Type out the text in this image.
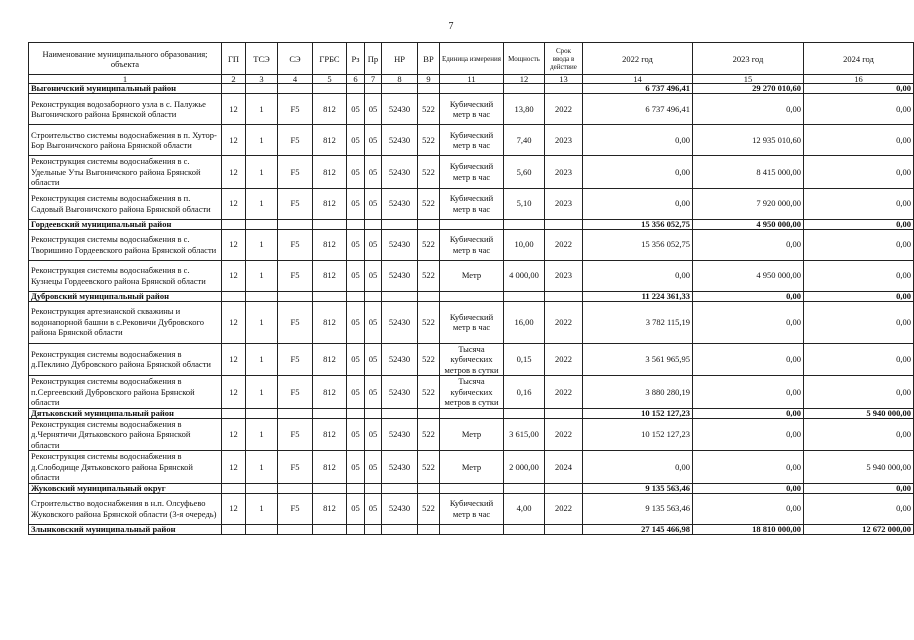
7
Наименование муниципального образования; объекта	ГП	ТСЭ	СЭ	ГРБС	Рз	Пр	НР	ВР	Единица измерения	Мощность	Срок ввода в действие	2022 год	2023 год	2024 год
1	2	3	4	5	6	7	8	9	11	12	13	14	15	16
Выгоничский муниципальный район												6 737 496,41	29 270 010,60	0,00
Реконструкция водозаборного узла в с. Палужье Выгоничского района Брянской области	12	1	F5	812	05	05	52430	522	Кубический метр в час	13,80	2022	6 737 496,41	0,00	0,00
Строительство системы водоснабжения в п. Хутор-Бор Выгоничского района Брянской области	12	1	F5	812	05	05	52430	522	Кубический метр в час	7,40	2023	0,00	12 935 010,60	0,00
Реконструкция системы водоснабжения в с. Удельные Уты Выгоничского района Брянской области	12	1	F5	812	05	05	52430	522	Кубический метр в час	5,60	2023	0,00	8 415 000,00	0,00
Реконструкция системы водоснабжения в п. Садовый Выгоничского района Брянской области	12	1	F5	812	05	05	52430	522	Кубический метр в час	5,10	2023	0,00	7 920 000,00	0,00
Гордеевский муниципальный район												15 356 052,75	4 950 000,00	0,00
Реконструкция системы водоснабжения в с. Творишино Гордеевского района Брянской области	12	1	F5	812	05	05	52430	522	Кубический метр в час	10,00	2022	15 356 052,75	0,00	0,00
Реконструкция системы водоснабжения в с. Кузнецы Гордеевского района Брянской области	12	1	F5	812	05	05	52430	522	Метр	4 000,00	2023	0,00	4 950 000,00	0,00
Дубровский муниципальный район												11 224 361,33	0,00	0,00
Реконструкция артезианской скважины и водонапорной башни в с.Рековичи Дубровского района Брянской области	12	1	F5	812	05	05	52430	522	Кубический метр в час	16,00	2022	3 782 115,19	0,00	0,00
Реконструкция системы водоснабжения в д.Пеклино Дубровского района Брянской области	12	1	F5	812	05	05	52430	522	Тысяча кубических метров в сутки	0,15	2022	3 561 965,95	0,00	0,00
Реконструкция системы водоснабжения в п.Сергеевский Дубровского района Брянской области	12	1	F5	812	05	05	52430	522	Тысяча кубических метров в сутки	0,16	2022	3 880 280,19	0,00	0,00
Дятьковский муниципальный район												10 152 127,23	0,00	5 940 000,00
Реконструкция системы водоснабжения в д.Чернятичи Дятьковского района Брянской области	12	1	F5	812	05	05	52430	522	Метр	3 615,00	2022	10 152 127,23	0,00	0,00
Реконструкция системы водоснабжения в д.Слободище Дятьковского района Брянской области	12	1	F5	812	05	05	52430	522	Метр	2 000,00	2024	0,00	0,00	5 940 000,00
Жуковский муниципальный округ												9 135 563,46	0,00	0,00
Строительство водоснабжения в н.п. Олсуфьево Жуковского района Брянской области (3-я очередь)	12	1	F5	812	05	05	52430	522	Кубический метр в час	4,00	2022	9 135 563,46	0,00	0,00
Злынковский муниципальный район												27 145 466,98	18 810 000,00	12 672 000,00
